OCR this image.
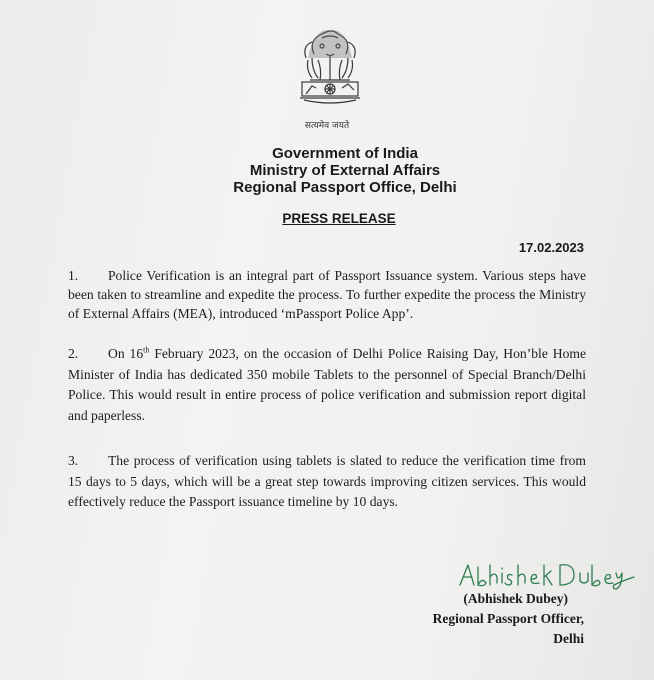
सत्यमेव जयते
Government of India
Ministry of External Affairs
Regional Passport Office, Delhi
PRESS RELEASE
17.02.2023
1. Police Verification is an integral part of Passport Issuance system. Various steps have been taken to streamline and expedite the process. To further expedite the process the Ministry of External Affairs (MEA), introduced ‘mPassport Police App’.
2. On 16th February 2023, on the occasion of Delhi Police Raising Day, Hon’ble Home Minister of India has dedicated 350 mobile Tablets to the personnel of Special Branch/Delhi Police. This would result in entire process of police verification and submission report digital and paperless.
3. The process of verification using tablets is slated to reduce the verification time from 15 days to 5 days, which will be a great step towards improving citizen services. This would effectively reduce the Passport issuance timeline by 10 days.
(Abhishek Dubey)
Regional Passport Officer,
Delhi
